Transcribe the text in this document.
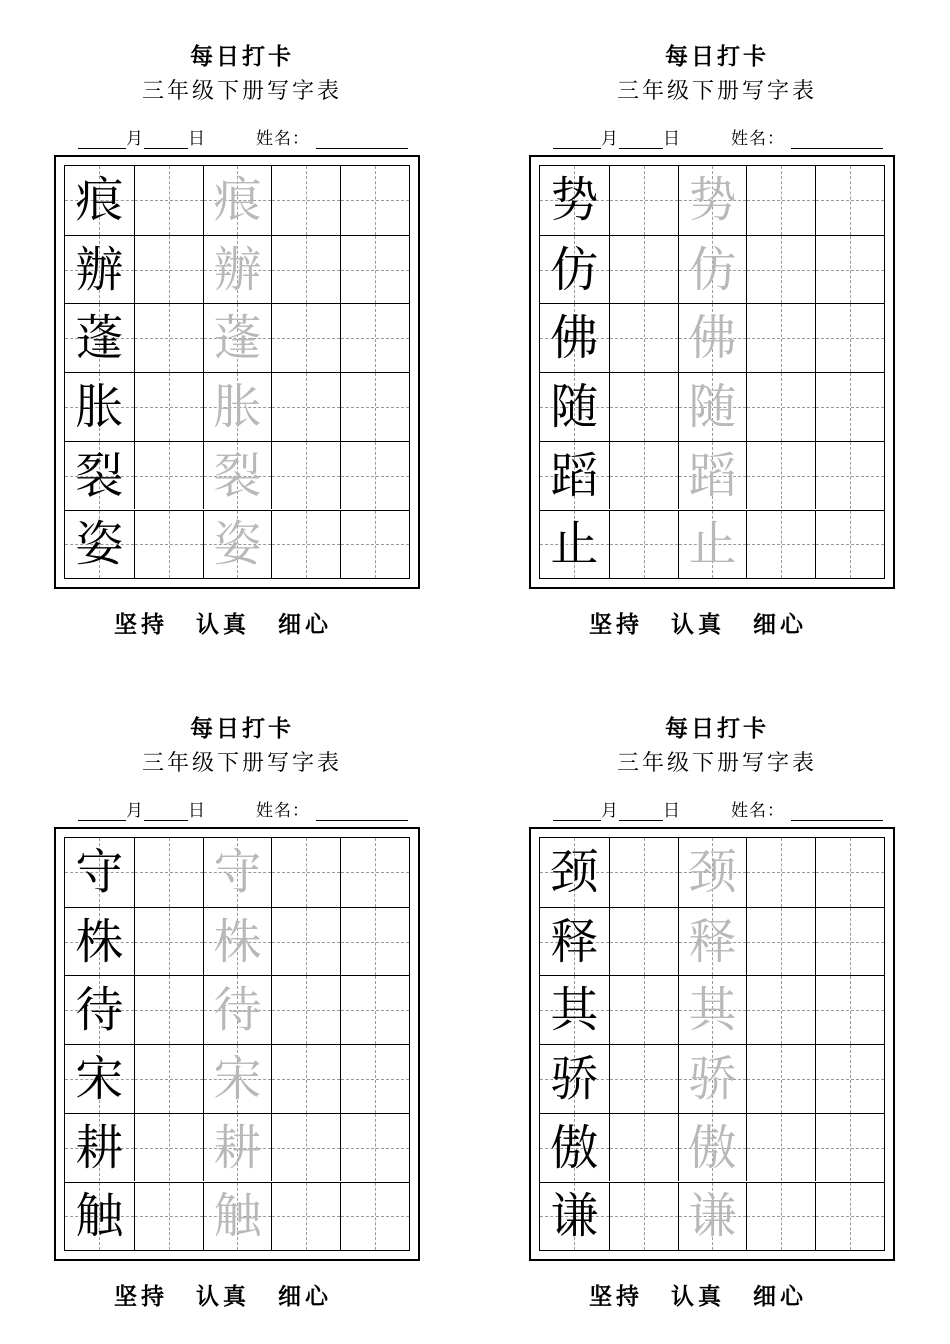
每日打卡
三年级下册写字表
月	日	姓名：
痕 痕
辦 辦
蓬 蓬
胀 胀
裂 裂
姿 姿
坚持 认真 细心
每日打卡
三年级下册写字表
月	日	姓名：
势 势
仿 仿
佛 佛
随 随
蹈 蹈
止 止
坚持 认真 细心
每日打卡
三年级下册写字表
月	日	姓名：
守 守
株 株
待 待
宋 宋
耕 耕
触 触
坚持 认真 细心
每日打卡
三年级下册写字表
月	日	姓名：
颈 颈
释 释
其 其
骄 骄
傲 傲
谦 谦
坚持 认真 细心
